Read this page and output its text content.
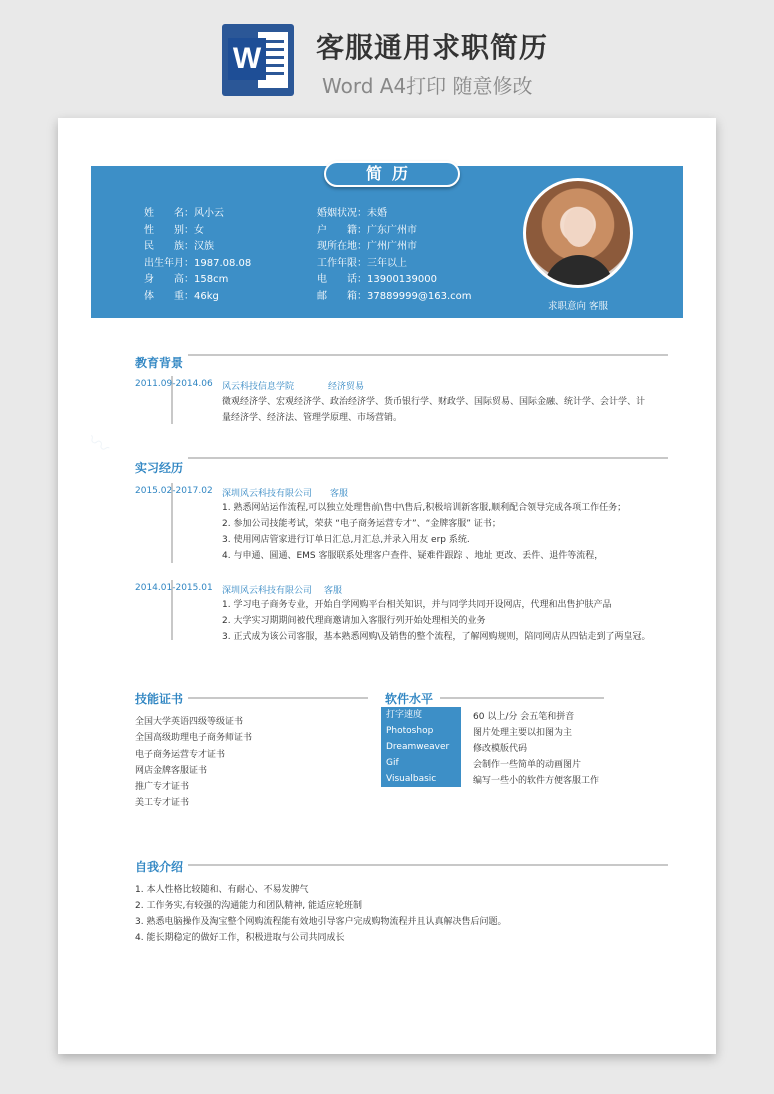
W 客服通用求职简历
Word A4打印 随意修改
〰
简历
姓　　名：风小云
性　　别：女
民　　族：汉族
出生年月：1987.08.08
身　　高：158cm
体　　重：46kg
婚姻状况：未婚
户　　籍：广东广州市
现所在地：广州广州市
工作年限：三年以上
电　　话：13900139000
邮　　箱：37889999@163.com
求职意向 客服
教育背景
2011.09-2014.06 风云科技信息学院	经济贸易
微观经济学、宏观经济学、政治经济学、货币银行学、财政学、国际贸易、国际金融、统计学、会计学、计
量经济学、经济法、管理学原理、市场营销。
实习经历
2015.02-2017.02 深圳风云科技有限公司 客服
1. 熟悉网站运作流程,可以独立处理售前\售中\售后,积极培训新客服,顺利配合领导完成各项工作任务；
2. 参加公司技能考试，荣获 “电子商务运营专才”、“金牌客服” 证书；
3. 使用网店管家进行订单日汇总,月汇总,并录入用友 erp 系统.
4. 与申通、圆通、EMS 客服联系处理客户查件、疑难件跟踪 、地址 更改、丢件、退件等流程，
2014.01-2015.01 深圳风云科技有限公司 客服
1. 学习电子商务专业，开始自学网购平台相关知识，并与同学共同开设网店，代理和出售护肤产品
2. 大学实习期期间被代理商邀请加入客服行列开始处理相关的业务
3. 正式成为该公司客服，基本熟悉网购\及销售的整个流程，了解网购规则，陪同网店从四钻走到了两皇冠。
技能证书
全国大学英语四级等级证书
全国高级助理电子商务师证书
电子商务运营专才证书
网店金牌客服证书
推广专才证书
美工专才证书
软件水平
打字速度	60 以上/分 会五笔和拼音
Photoshop	图片处理主要以扣图为主
Dreamweaver	修改模版代码
Gif	会制作一些简单的动画图片
Visualbasic	编写一些小的软件方便客服工作
自我介绍
1. 本人性格比较随和、有耐心、不易发脾气
2. 工作务实,有较强的沟通能力和团队精神, 能适应轮班制
3. 熟悉电脑操作及淘宝整个网购流程能有效地引导客户完成购物流程并且认真解决售后问题。
4. 能长期稳定的做好工作，积极进取与公司共同成长
